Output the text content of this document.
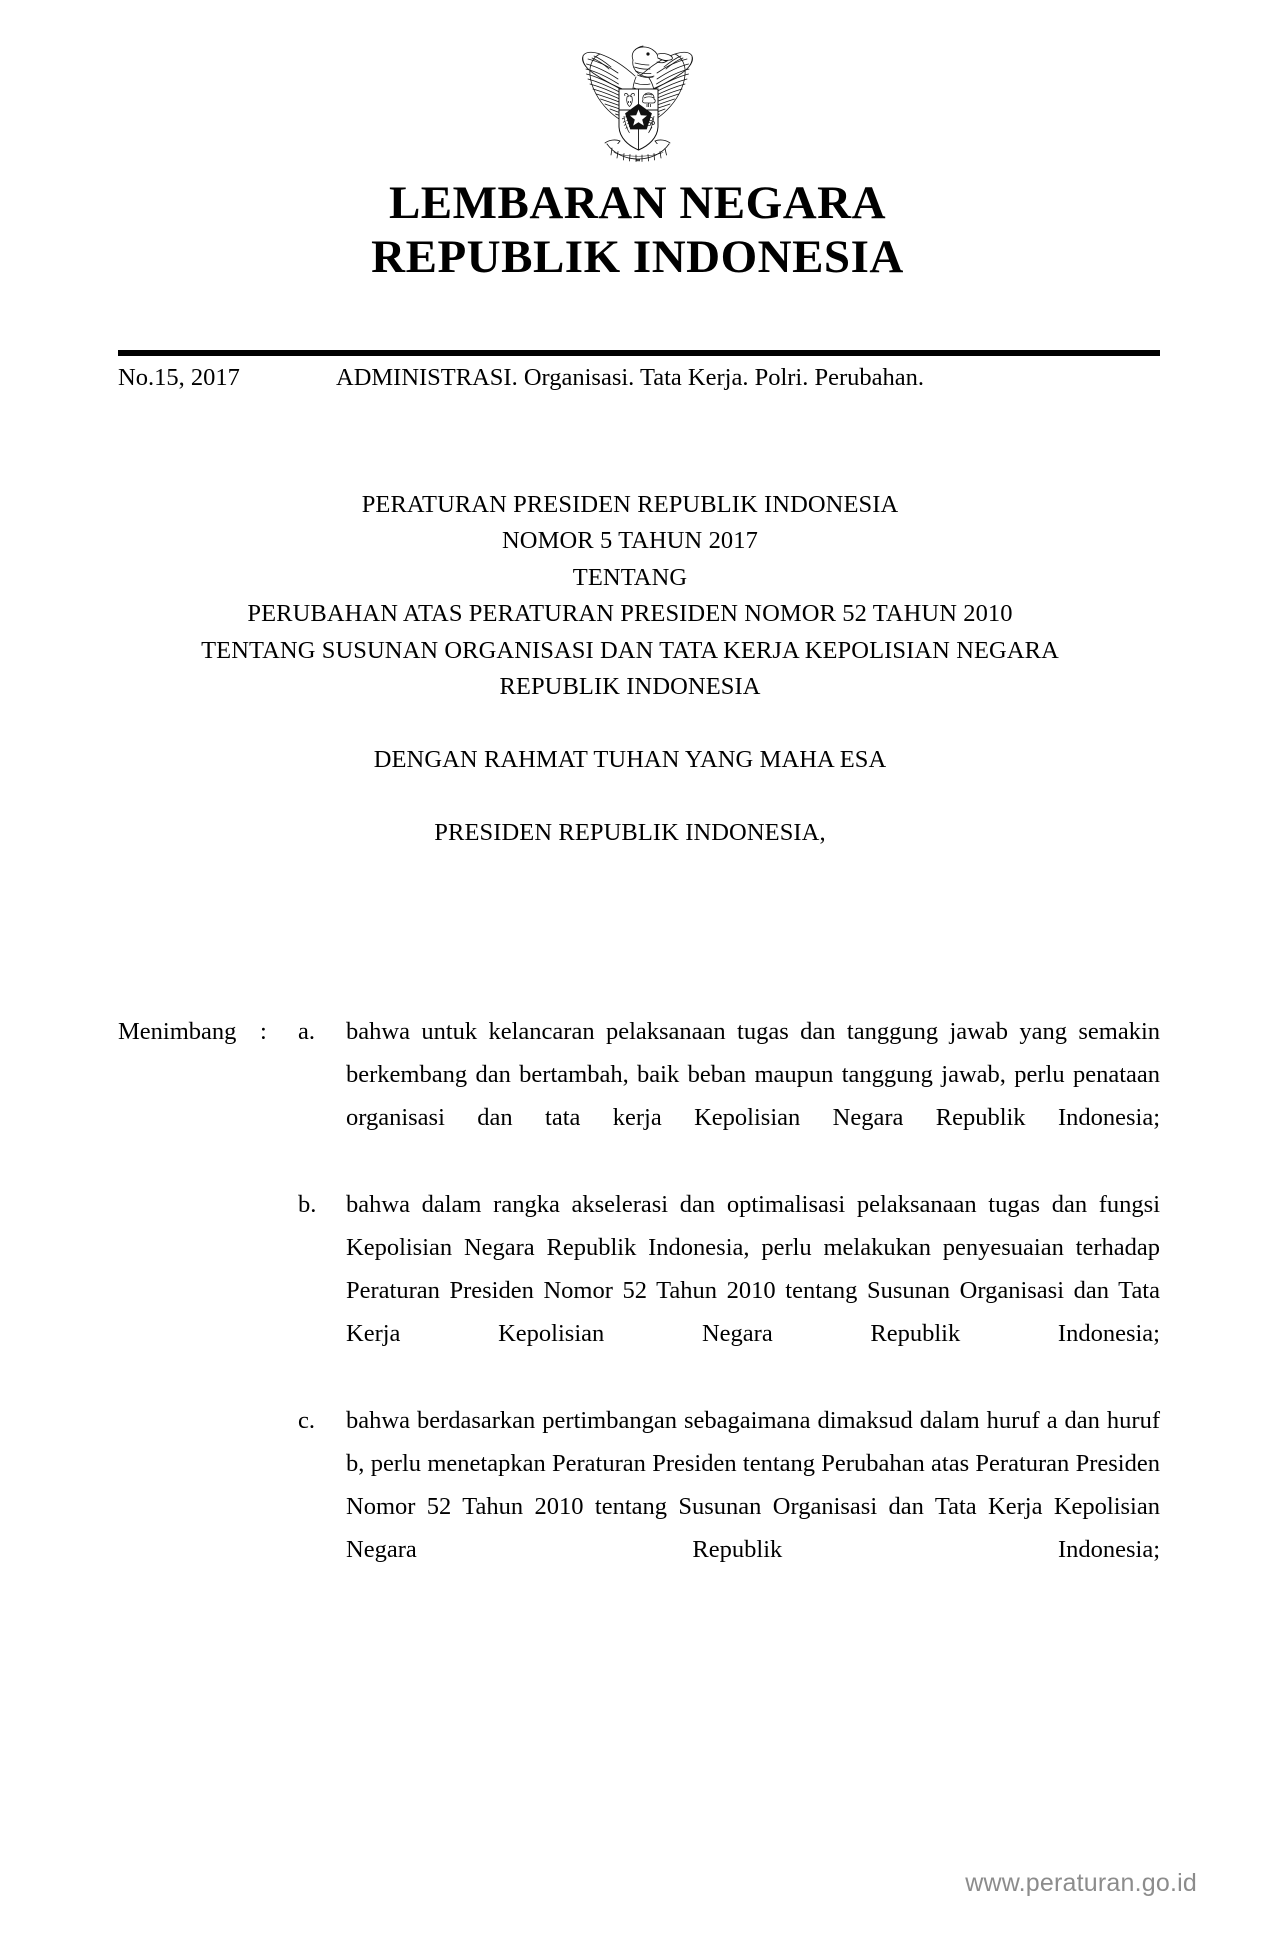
LEMBARAN NEGARA
REPUBLIK INDONESIA
No.15, 2017	ADMINISTRASI. Organisasi. Tata Kerja. Polri. Perubahan.
PERATURAN PRESIDEN REPUBLIK INDONESIA
NOMOR 5 TAHUN 2017
TENTANG
PERUBAHAN ATAS PERATURAN PRESIDEN NOMOR 52 TAHUN 2010
TENTANG SUSUNAN ORGANISASI DAN TATA KERJA KEPOLISIAN NEGARA
REPUBLIK INDONESIA
DENGAN RAHMAT TUHAN YANG MAHA ESA
PRESIDEN REPUBLIK INDONESIA,
Menimbang :	a.	bahwa untuk kelancaran pelaksanaan tugas dan tanggung jawab yang semakin berkembang dan bertambah, baik beban maupun tanggung jawab, perlu penataan organisasi dan tata kerja Kepolisian Negara Republik Indonesia;
b.	bahwa dalam rangka akselerasi dan optimalisasi pelaksanaan tugas dan fungsi Kepolisian Negara Republik Indonesia, perlu melakukan penyesuaian terhadap Peraturan Presiden Nomor 52 Tahun 2010 tentang Susunan Organisasi dan Tata Kerja Kepolisian Negara Republik Indonesia;
c.	bahwa berdasarkan pertimbangan sebagaimana dimaksud dalam huruf a dan huruf b, perlu menetapkan Peraturan Presiden tentang Perubahan atas Peraturan Presiden Nomor 52 Tahun 2010 tentang Susunan Organisasi dan Tata Kerja Kepolisian Negara Republik Indonesia;
www.peraturan.go.id
